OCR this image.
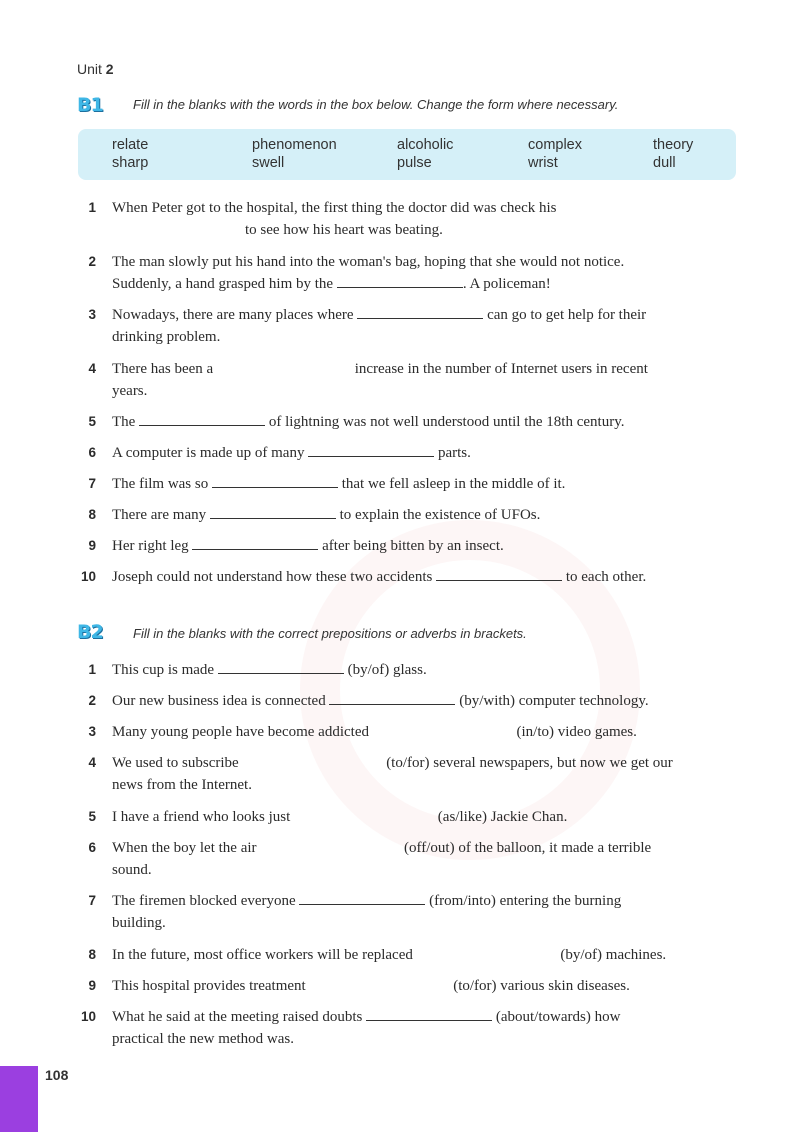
Unit 2
B1	Fill in the blanks with the words in the box below. Change the form where necessary.
relate	phenomenon	alcoholic	complex	theory
sharp	swell	pulse	wrist	dull
1 When Peter got to the hospital, the first thing the doctor did was check his
to see how his heart was beating.
2 The man slowly put his hand into the woman's bag, hoping that she would not notice.
Suddenly, a hand grasped him by the	. A policeman!
3 Nowadays, there are many places where	can go to get help for their
drinking problem.
4 There has been a	increase in the number of Internet users in recent
years.
5 The	of lightning was not well understood until the 18th century.
6 A computer is made up of many	parts.
7 The film was so	that we fell asleep in the middle of it.
8 There are many	to explain the existence of UFOs.
9 Her right leg	after being bitten by an insect.
10 Joseph could not understand how these two accidents	to each other.
B2	Fill in the blanks with the correct prepositions or adverbs in brackets.
1 This cup is made	(by/of) glass.
2 Our new business idea is connected	(by/with) computer technology.
3 Many young people have become addicted	(in/to) video games.
4 We used to subscribe	(to/for) several newspapers, but now we get our
news from the Internet.
5 I have a friend who looks just	(as/like) Jackie Chan.
6 When the boy let the air	(off/out) of the balloon, it made a terrible
sound.
7 The firemen blocked everyone	(from/into) entering the burning
building.
8 In the future, most office workers will be replaced	(by/of) machines.
9 This hospital provides treatment	(to/for) various skin diseases.
10 What he said at the meeting raised doubts	(about/towards) how
practical the new method was.
108
